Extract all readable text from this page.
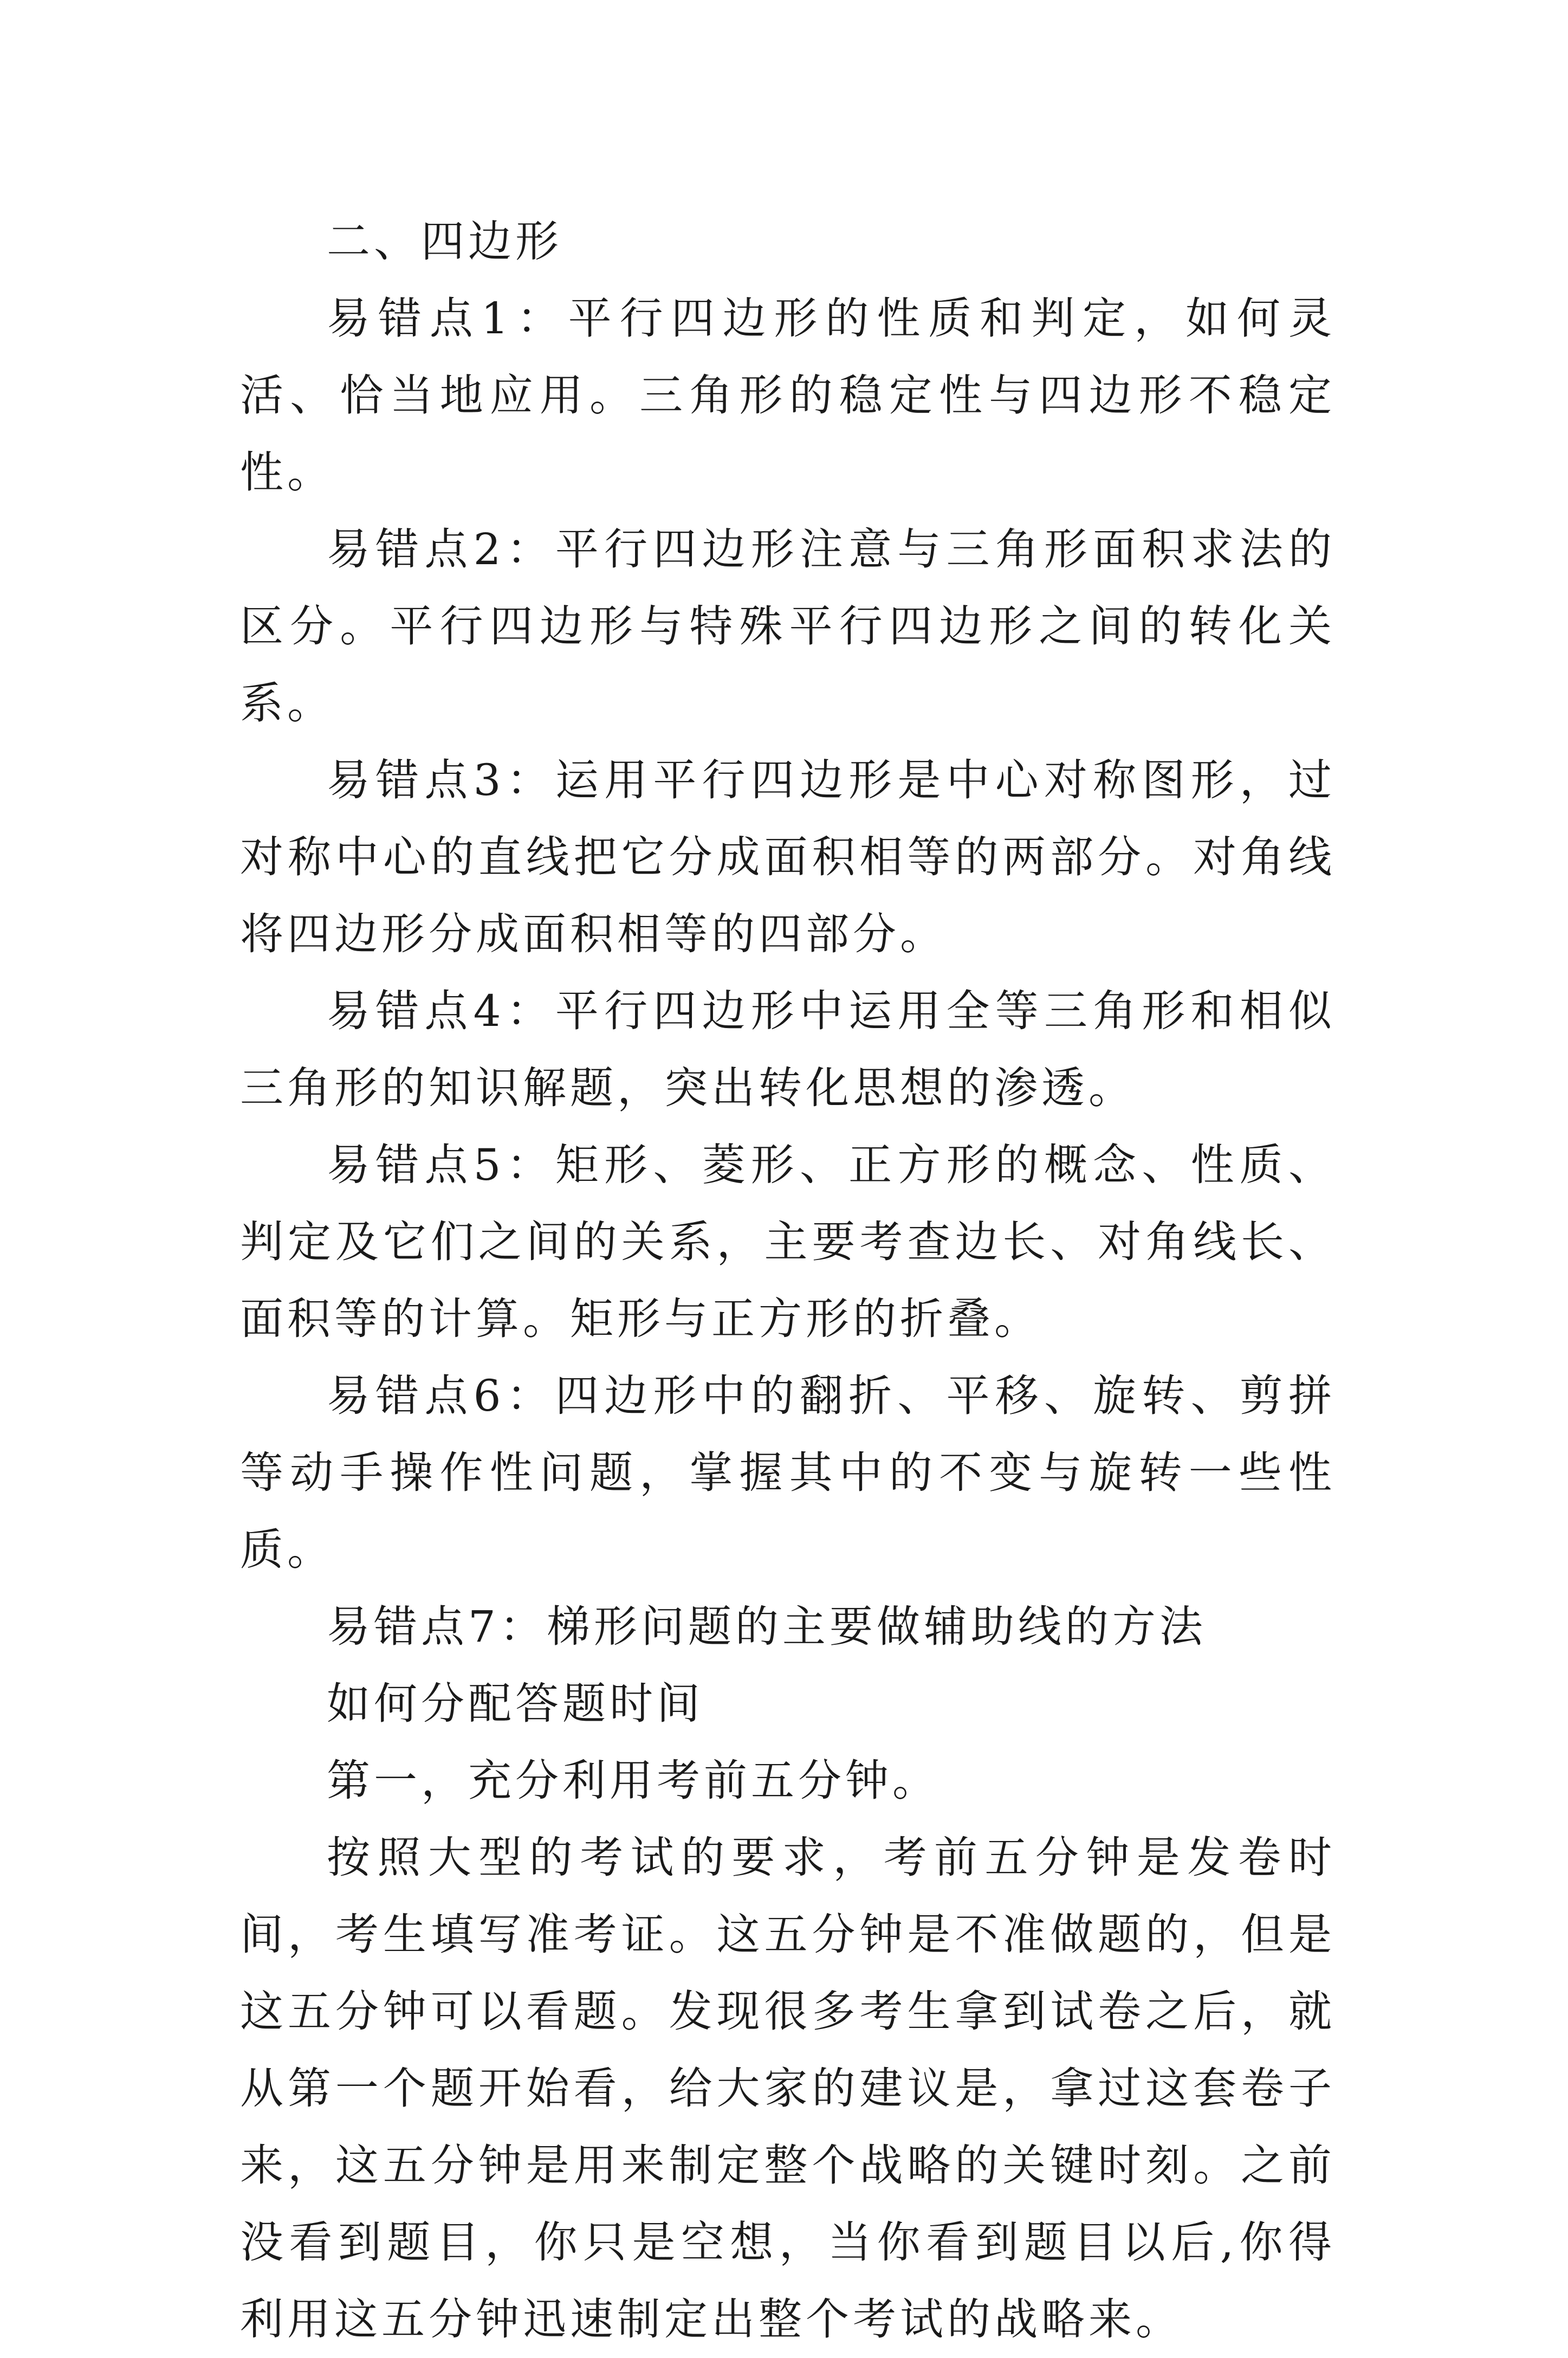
二、四边形

易错点1：平行四边形的性质和判定，如何灵活、恰当地应用。三角形的稳定性与四边形不稳定性。

易错点2：平行四边形注意与三角形面积求法的区分。平行四边形与特殊平行四边形之间的转化关系。

易错点3：运用平行四边形是中心对称图形，过对称中心的直线把它分成面积相等的两部分。对角线将四边形分成面积相等的四部分。

易错点4：平行四边形中运用全等三角形和相似三角形的知识解题，突出转化思想的渗透。

易错点5：矩形、菱形、正方形的概念、性质、判定及它们之间的关系，主要考查边长、对角线长、面积等的计算。矩形与正方形的折叠。

易错点6：四边形中的翻折、平移、旋转、剪拼等动手操作性问题，掌握其中的不变与旋转一些性质。

易错点7：梯形问题的主要做辅助线的方法

如何分配答题时间

第一，充分利用考前五分钟。

按照大型的考试的要求，考前五分钟是发卷时间，考生填写准考证。这五分钟是不准做题的，但是这五分钟可以看题。发现很多考生拿到试卷之后，就从第一个题开始看，给大家的建议是，拿过这套卷子来，这五分钟是用来制定整个战略的关键时刻。之前没看到题目，你只是空想，当你看到题目以后,你得利用这五分钟迅速制定出整个考试的战略来。
